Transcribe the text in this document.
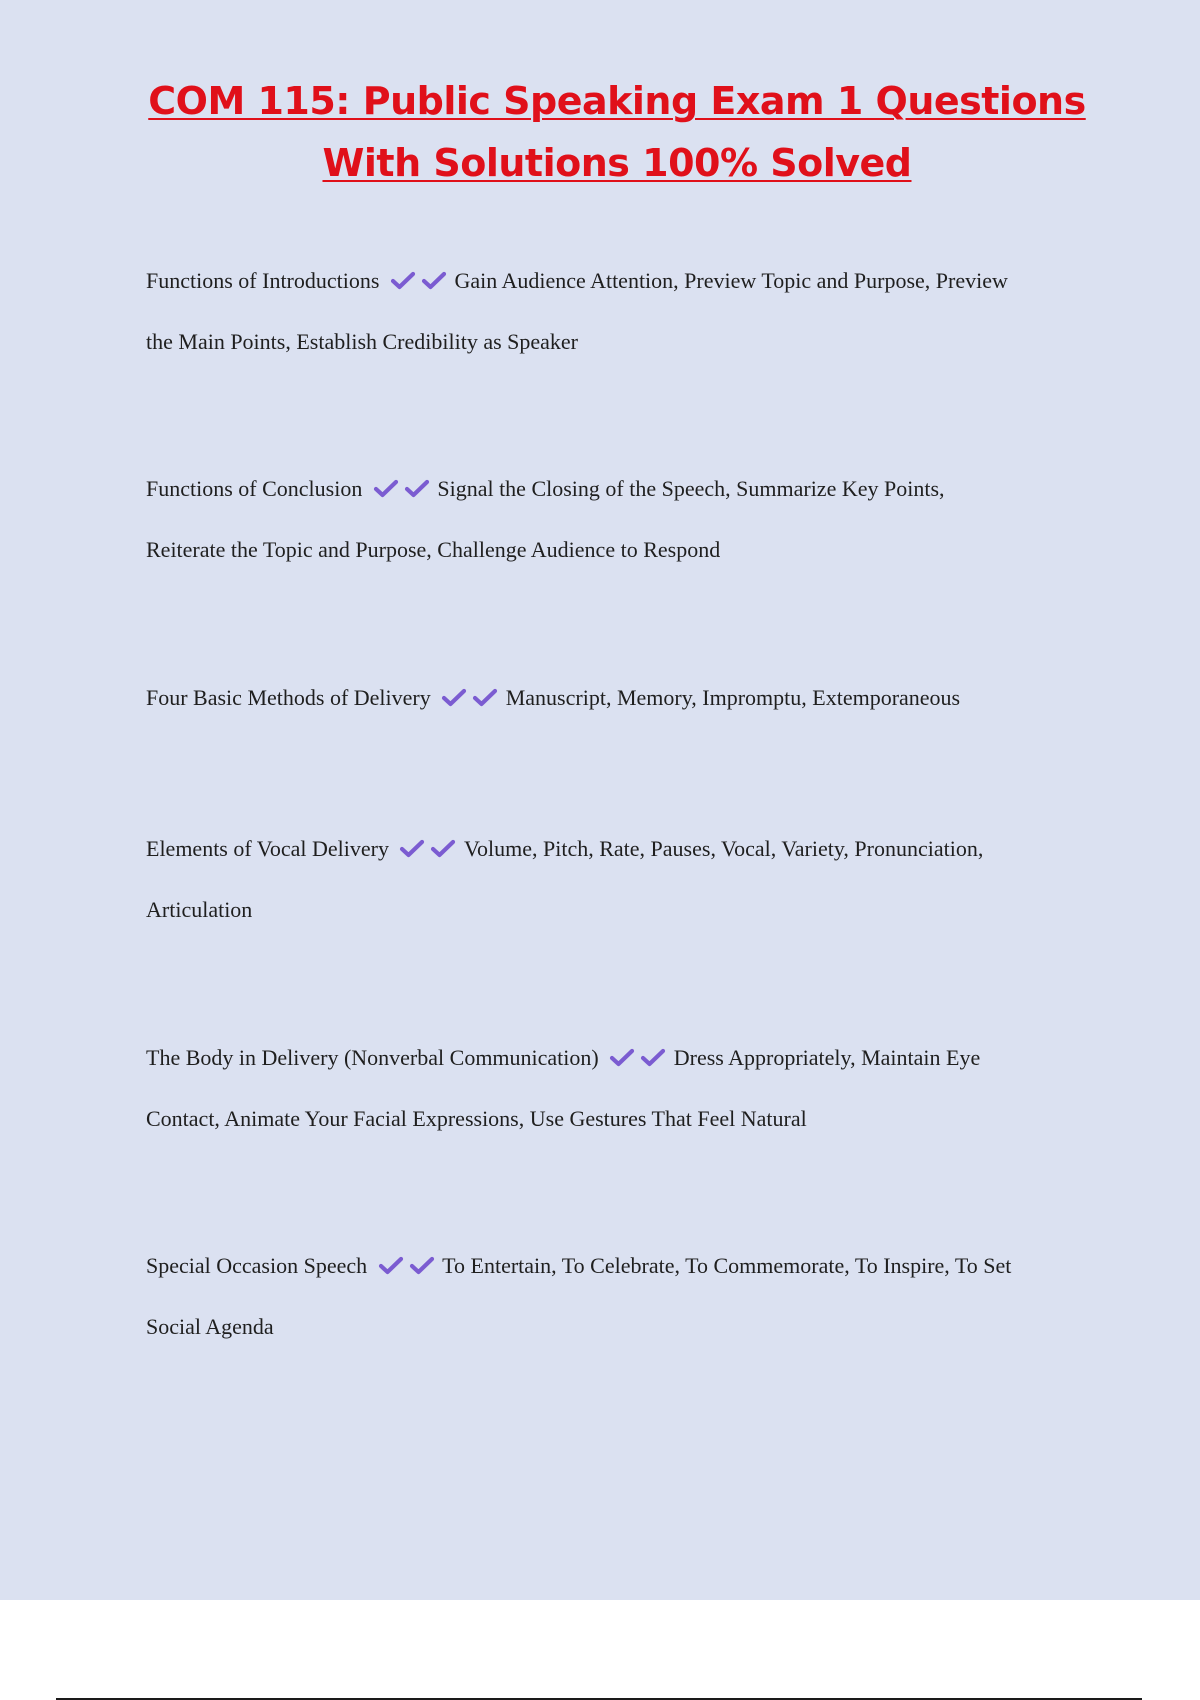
COM 115: Public Speaking Exam 1 Questions
With Solutions 100% Solved
Functions of Introductions	Gain Audience Attention, Preview Topic and Purpose, Preview
the Main Points, Establish Credibility as Speaker
Functions of Conclusion	Signal the Closing of the Speech, Summarize Key Points,
Reiterate the Topic and Purpose, Challenge Audience to Respond
Four Basic Methods of Delivery	Manuscript, Memory, Impromptu, Extemporaneous
Elements of Vocal Delivery	Volume, Pitch, Rate, Pauses, Vocal, Variety, Pronunciation,
Articulation
The Body in Delivery (Nonverbal Communication)	Dress Appropriately, Maintain Eye
Contact, Animate Your Facial Expressions, Use Gestures That Feel Natural
Special Occasion Speech	To Entertain, To Celebrate, To Commemorate, To Inspire, To Set
Social Agenda
